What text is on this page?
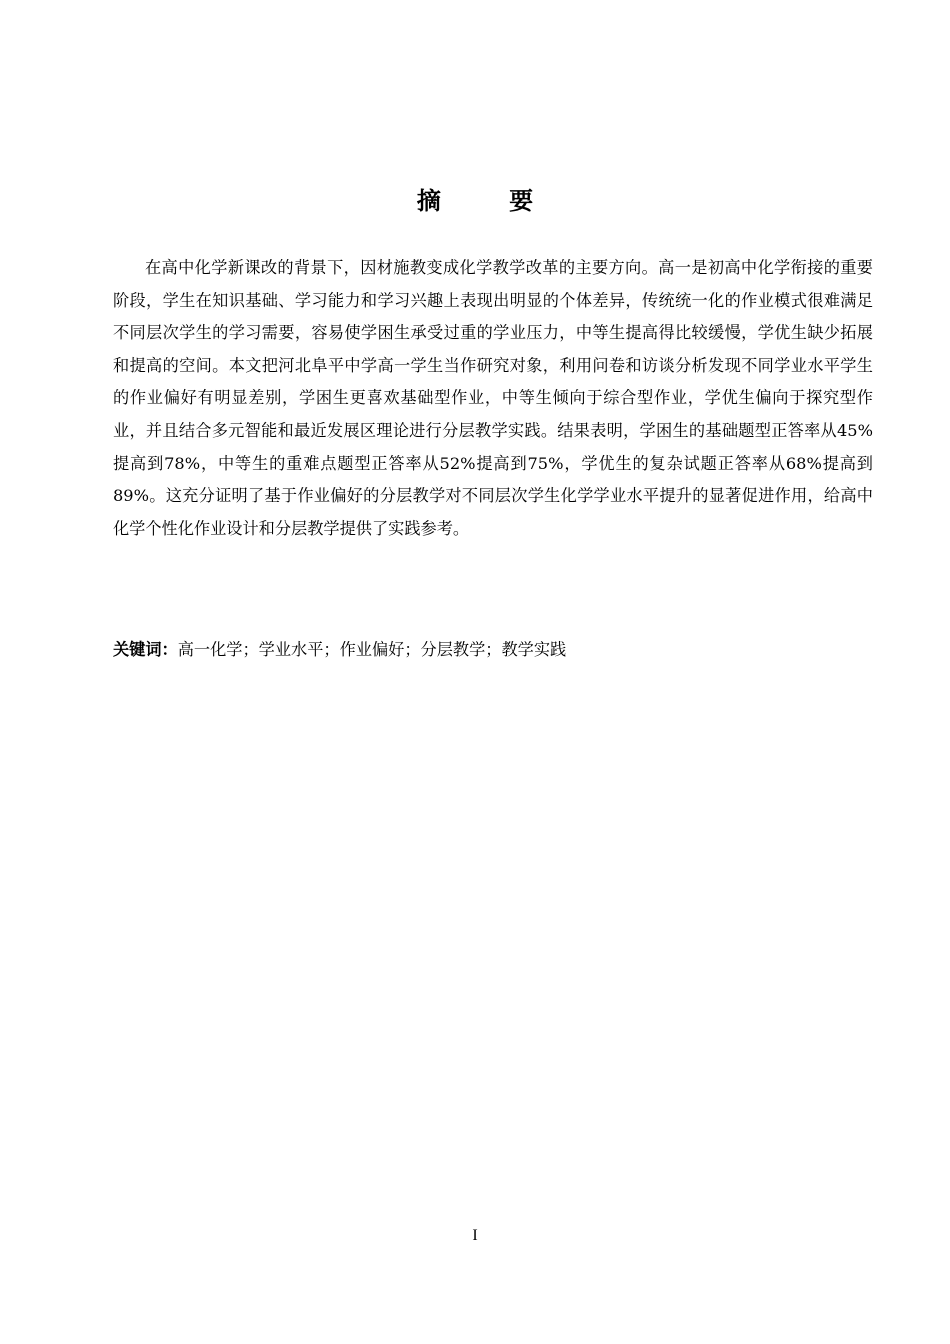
摘 要

在高中化学新课改的背景下，因材施教变成化学教学改革的主要方向。高一是初高中化学衔接的重要阶段，学生在知识基础、学习能力和学习兴趣上表现出明显的个体差异，传统统一化的作业模式很难满足不同层次学生的学习需要，容易使学困生承受过重的学业压力，中等生提高得比较缓慢，学优生缺少拓展和提高的空间。本文把河北阜平中学高一学生当作研究对象，利用问卷和访谈分析发现不同学业水平学生的作业偏好有明显差别，学困生更喜欢基础型作业，中等生倾向于综合型作业，学优生偏向于探究型作业，并且结合多元智能和最近发展区理论进行分层教学实践。结果表明，学困生的基础题型正答率从45%提高到78%，中等生的重难点题型正答率从52%提高到75%，学优生的复杂试题正答率从68%提高到89%。这充分证明了基于作业偏好的分层教学对不同层次学生化学学业水平提升的显著促进作用，给高中化学个性化作业设计和分层教学提供了实践参考。

关键词：高一化学；学业水平；作业偏好；分层教学；教学实践

I
